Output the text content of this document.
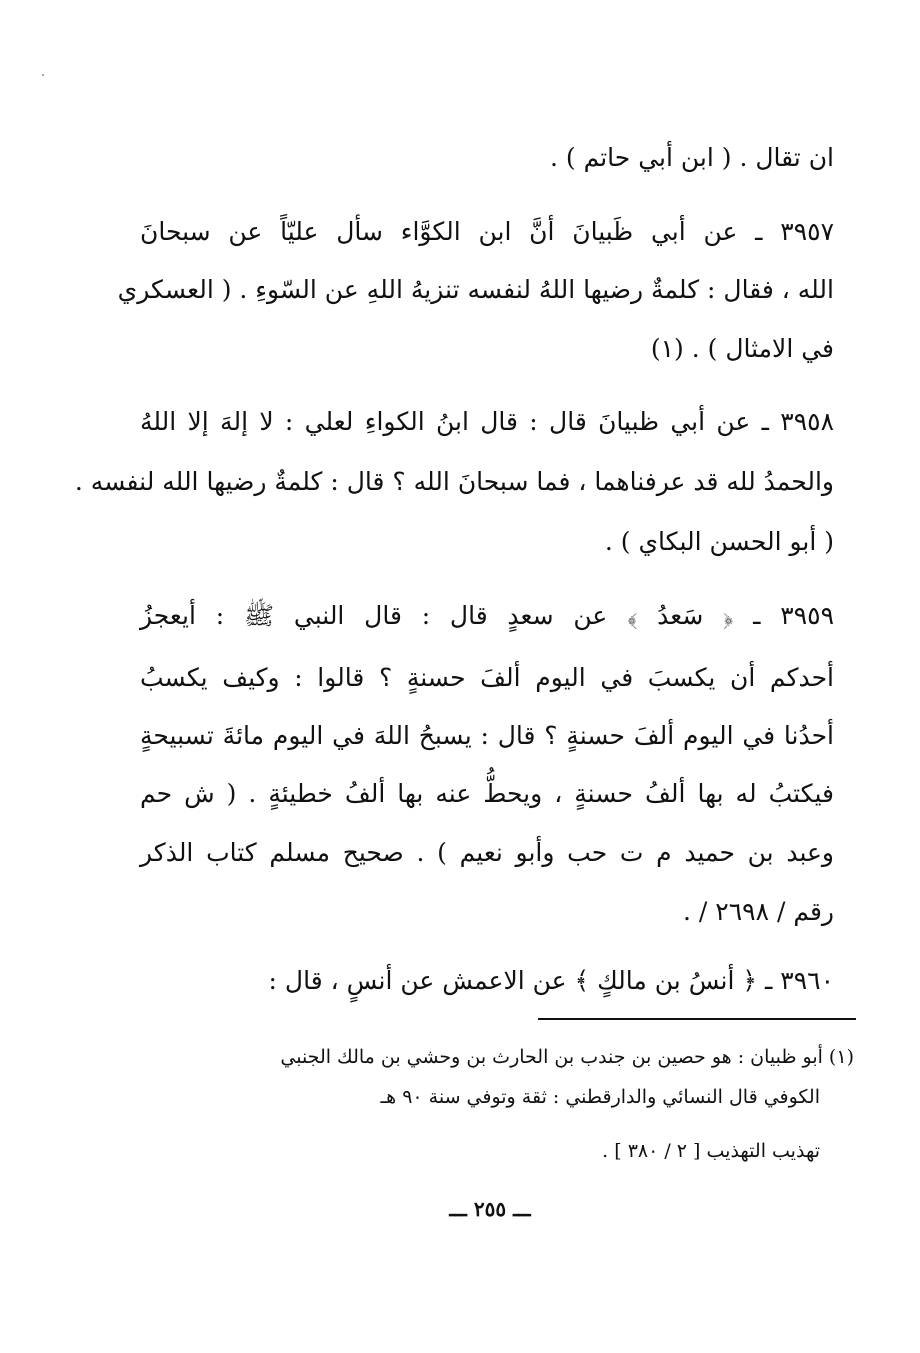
ان تقال . ( ابن أبي حاتم ) .
٣٩٥٧ ـ عن أبي ظَبيانَ أنَّ ابن الكوَّاء سأل عليّاً عن سبحانَ
الله ، فقال : كلمةٌ رضيها اللهُ لنفسه تنزيهُ اللهِ عن السّوءِ . ( العسكري
في الامثال ) . (١)
٣٩٥٨ ـ عن أبي ظبيانَ قال : قال ابنُ الكواءِ لعلي : لا إلهَ إلا اللهُ
والحمدُ لله قد عرفناهما ، فما سبحانَ الله ؟ قال : كلمةٌ رضيها الله لنفسه .
( أبو الحسن البكاي ) .
٣٩٥٩ ـ ﴿ سَعدُ ﴾ عن سعدٍ قال : قال النبي ﷺ : أيعجزُ
أحدكم أن يكسبَ في اليوم ألفَ حسنةٍ ؟ قالوا : وكيف يكسبُ
أحدُنا في اليوم ألفَ حسنةٍ ؟ قال : يسبحُ اللهَ في اليوم مائةَ تسبيحةٍ
فيكتبُ له بها ألفُ حسنةٍ ، ويحطُّ عنه بها ألفُ خطيئةٍ . ( ش حم
وعبد بن حميد م ت حب وأبو نعيم ) . صحيح مسلم كتاب الذكر
رقم / ٢٦٩٨ / .
٣٩٦٠ ـ ﴿ أنسُ بن مالكٍ ﴾ عن الاعمش عن أنسٍ ، قال :
(١) أبو ظبيان : هو حصين بن جندب بن الحارث بن وحشي بن مالك الجنبي
الكوفي قال النسائي والدارقطني : ثقة وتوفي سنة ٩٠ هـ
تهذيب التهذيب [ ٢ / ٣٨٠ ] .
ـــ ٢٥٥ ـــ
